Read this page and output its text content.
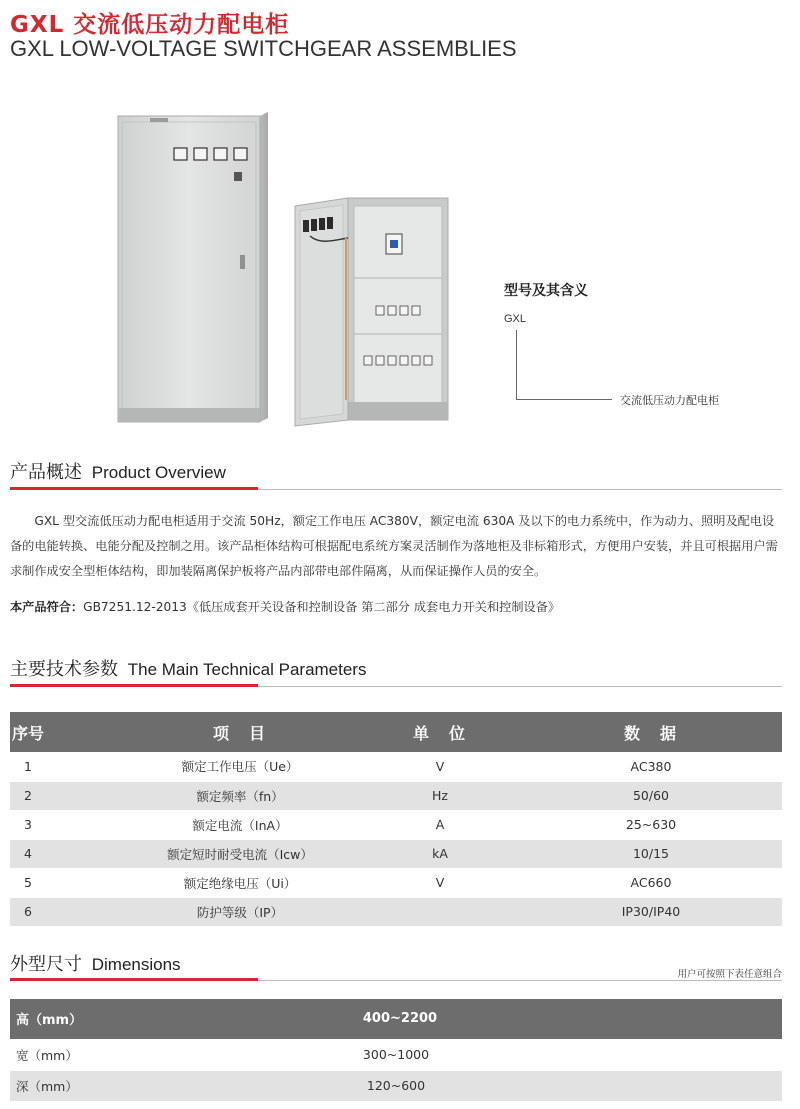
GXL 交流低压动力配电柜
GXL LOW-VOLTAGE SWITCHGEAR ASSEMBLIES
型号及其含义
GXL
交流低压动力配电柜
产品概述 Product Overview
GXL 型交流低压动力配电柜适用于交流 50Hz，额定工作电压 AC380V，额定电流 630A 及以下的电力系统中，作为动力、照明及配电设备的电能转换、电能分配及控制之用。该产品柜体结构可根据配电系统方案灵活制作为落地柜及非标箱形式，方便用户安装，并且可根据用户需求制作成安全型柜体结构，即加装隔离保护板将产品内部带电部件隔离，从而保证操作人员的安全。
本产品符合：GB7251.12-2013《低压成套开关设备和控制设备 第二部分 成套电力开关和控制设备》
主要技术参数 The Main Technical Parameters
序号	项　目	单　位	数　据
1	额定工作电压（Ue）	V	AC380
2	额定频率（fn）	Hz	50/60
3	额定电流（InA）	A	25~630
4	额定短时耐受电流（Icw）	kA	10/15
5	额定绝缘电压（Ui）	V	AC660
6	防护等级（IP）		IP30/IP40
外型尺寸 Dimensions
用户可按照下表任意组合
高（mm）	400~2200
宽（mm）	300~1000
深（mm）	120~600
